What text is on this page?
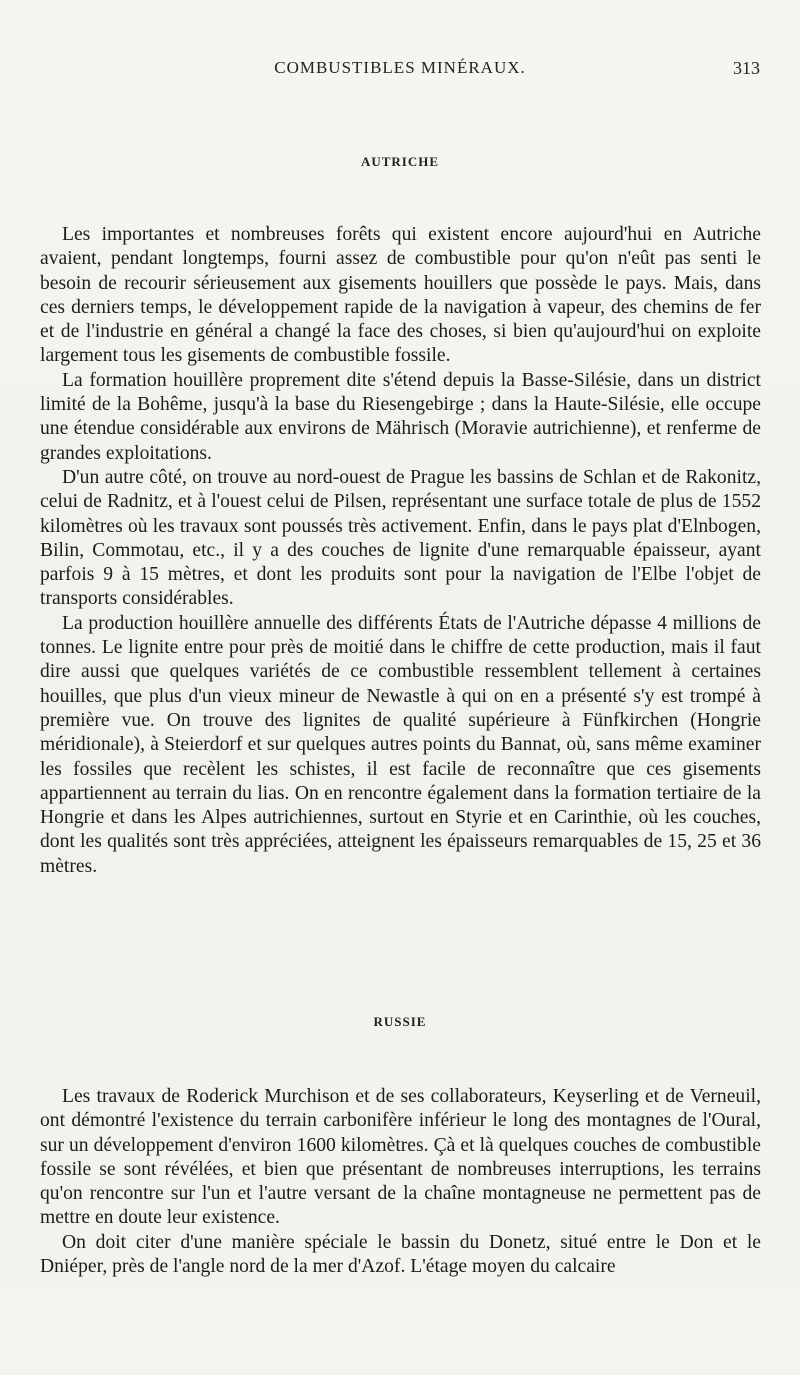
COMBUSTIBLES MINÉRAUX.	313
AUTRICHE

Les importantes et nombreuses forêts qui existent encore aujourd'hui en Autriche avaient, pendant longtemps, fourni assez de combustible pour qu'on n'eût pas senti le besoin de recourir sérieusement aux gisements houillers que possède le pays. Mais, dans ces derniers temps, le développement rapide de la navigation à vapeur, des chemins de fer et de l'industrie en général a changé la face des choses, si bien qu'aujourd'hui on exploite largement tous les gisements de combustible fossile.

La formation houillère proprement dite s'étend depuis la Basse-Silésie, dans un district limité de la Bohême, jusqu'à la base du Riesengebirge ; dans la Haute-Silésie, elle occupe une étendue considérable aux environs de Mährisch (Moravie autrichienne), et renferme de grandes exploitations.

D'un autre côté, on trouve au nord-ouest de Prague les bassins de Schlan et de Rakonitz, celui de Radnitz, et à l'ouest celui de Pilsen, représentant une surface totale de plus de 1552 kilomètres où les travaux sont poussés très activement. Enfin, dans le pays plat d'Elnbogen, Bilin, Commotau, etc., il y a des couches de lignite d'une remarquable épaisseur, ayant parfois 9 à 15 mètres, et dont les produits sont pour la navigation de l'Elbe l'objet de transports considérables.

La production houillère annuelle des différents États de l'Autriche dépasse 4 millions de tonnes. Le lignite entre pour près de moitié dans le chiffre de cette production, mais il faut dire aussi que quelques variétés de ce combustible ressemblent tellement à certaines houilles, que plus d'un vieux mineur de Newastle à qui on en a présenté s'y est trompé à première vue. On trouve des lignites de qualité supérieure à Fünfkirchen (Hongrie méridionale), à Steierdorf et sur quelques autres points du Bannat, où, sans même examiner les fossiles que recèlent les schistes, il est facile de reconnaître que ces gisements appartiennent au terrain du lias. On en rencontre également dans la formation tertiaire de la Hongrie et dans les Alpes autrichiennes, surtout en Styrie et en Carinthie, où les couches, dont les qualités sont très appréciées, atteignent les épaisseurs remarquables de 15, 25 et 36 mètres.

RUSSIE

Les travaux de Roderick Murchison et de ses collaborateurs, Keyserling et de Verneuil, ont démontré l'existence du terrain carbonifère inférieur le long des montagnes de l'Oural, sur un développement d'environ 1600 kilomètres. Çà et là quelques couches de combustible fossile se sont révélées, et bien que présentant de nombreuses interruptions, les terrains qu'on rencontre sur l'un et l'autre versant de la chaîne montagneuse ne permettent pas de mettre en doute leur existence.

On doit citer d'une manière spéciale le bassin du Donetz, situé entre le Don et le Dniéper, près de l'angle nord de la mer d'Azof. L'étage moyen du calcaire
